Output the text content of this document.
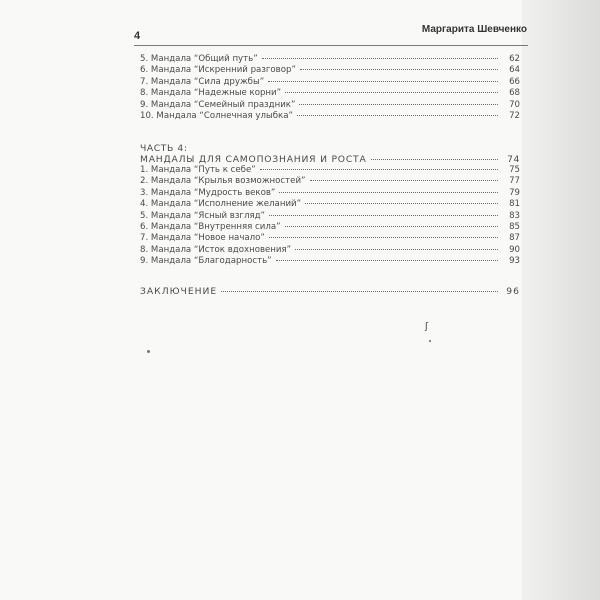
4
Маргарита Шевченко
5. Мандала “Общий путь”	62
6. Мандала “Искренний разговор”	64
7. Мандала “Сила дружбы”	66
8. Мандала “Надежные корни”	68
9. Мандала “Семейный праздник”	70
10. Мандала “Солнечная улыбка”	72
ЧАСТЬ 4:
МАНДАЛЫ ДЛЯ САМОПОЗНАНИЯ И РОСТА	74
1. Мандала “Путь к себе”	75
2. Мандала “Крылья возможностей”	77
3. Мандала “Мудрость веков”	79
4. Мандала “Исполнение желаний”	81
5. Мандала “Ясный взгляд”	83
6. Мандала “Внутренняя сила”	85
7. Мандала “Новое начало”	87
8. Мандала “Исток вдохновения”	90
9. Мандала “Благодарность”	93
ЗАКЛЮЧЕНИЕ	96
ʃ
